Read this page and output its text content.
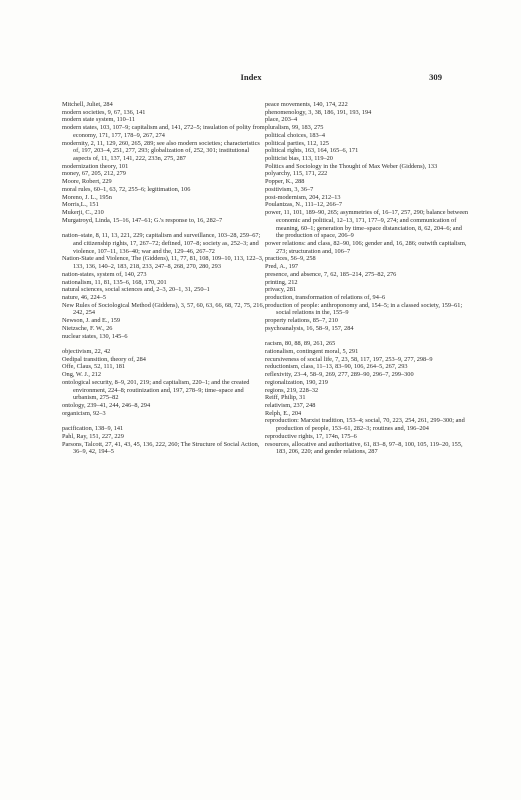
Index	309

Mitchell, Juliet, 284

modern societies, 9, 67, 136, 141

modern state system, 110–11

modern states, 103, 107–9; capitalism and, 141, 272–5; insulation of polity from economy, 171, 177, 178–9, 267, 274

modernity, 2, 11, 129, 260, 265, 289; see also modern societies; characteristics of, 197, 203–4, 251, 277, 293; globalization of, 252, 301; institutional aspects of, 11, 137, 141, 222, 233n, 275, 287

modernization theory, 101

money, 67, 205, 212, 279

Moore, Robert, 229

moral rules, 60–1, 63, 72, 255–6; legitimation, 106

Moreno, J. L., 195n

Morris,L., 151

Mukerji, C., 210

Murgatroyd, Linda, 15–16, 147–61; G.'s response to, 16, 282–7

nation–state, 8, 11, 13, 221, 229; capitalism and surveillance, 103–28, 259–67; and citizenship rights, 17, 267–72; defined, 107–8; society as, 252–3; and violence, 107–11, 136–40; war and the, 129–46, 267–72

Nation-State and Violence, The (Giddens), 11, 77, 81, 108, 109–10, 113, 122–3, 133, 136, 140–2, 183, 218, 233, 247–8, 268, 270, 280, 293

nation-states, system of, 140, 273

nationalism, 11, 81, 135–6, 168, 170, 201

natural sciences, social sciences and, 2–3, 20–1, 31, 250–1

nature, 46, 224–5

New Rules of Sociological Method (Giddens), 3, 57, 60, 63, 66, 68, 72, 75, 216, 242, 254

Newson, J. and E., 159

Nietzsche, F. W., 26

nuclear states, 130, 145–6

objectivism, 22, 42

Oedipal transition, theory of, 284

Offe, Claus, 52, 111, 181

Ong, W. J., 212

ontological security, 8–9, 201, 219; and capitalism, 220–1; and the created environment, 224–8; routinization and, 197, 278–9; time–space and urbanism, 275–82

ontology, 239–41, 244, 246–8, 294

organicism, 92–3

pacification, 138–9, 141

Pahl, Ray, 151, 227, 229

Parsons, Talcott, 27, 41, 43, 45, 136, 222, 260; The Structure of Social Action, 36–9, 42, 194–5

peace movements, 140, 174, 222

phenomenology, 3, 38, 186, 191, 193, 194

place, 203–4

pluralism, 99, 183, 275

political choices, 183–4

political parties, 112, 125

political rights, 163, 164, 165–6, 171

politicist bias, 113, 119–20

Politics and Sociology in the Thought of Max Weber (Giddens), 133

polyarchy, 115, 171, 222

Popper, K., 288

positivism, 3, 36–7

post-modernism, 204, 212–13

Poulantzas, N., 111–12, 266–7

power, 11, 101, 189–90, 265; asymmetries of, 16–17, 257, 290; balance between economic and political, 12–13, 171, 177–9, 274; and communication of meaning, 60–1; generation by time–space distanciation, 8, 62, 204–6; and the production of space, 206–9

power relations: and class, 82–90, 106; gender and, 16, 286; outwith capitalism, 273; structuration and, 106–7

practices, 56–9, 258

Pred, A., 197

presence, and absence, 7, 62, 185–214, 275–82, 276

printing, 212

privacy, 281

production, transformation of relations of, 94–6

production of people: anthroponomy and, 154–5; in a classed society, 159–61; social relations in the, 155–9

property relations, 85–7, 210

psychoanalysis, 16, 58–9, 157, 284

racism, 80, 88, 89, 261, 265

rationalism, contingent moral, 5, 291

recursiveness of social life, 7, 23, 58, 117, 197, 253–9, 277, 298–9

reductionism, class, 11–13, 83–90, 106, 264–5, 267, 293

reflexivity, 23–4, 58–9, 269, 277, 289–90, 296–7, 299–300

regionalization, 190, 219

regions, 219, 228–32

Reiff, Philip, 31

relativism, 237, 248

Relph, E., 204

reproduction: Marxist tradition, 153–4; social, 70, 223, 254, 261, 299–300; and production of people, 153–61, 282–3; routines and, 196–204

reproductive rights, 17, 174n, 175–6

resources, allocative and authoritative, 61, 83–8, 97–8, 100, 105, 119–20, 155, 183, 206, 220; and gender relations, 287
